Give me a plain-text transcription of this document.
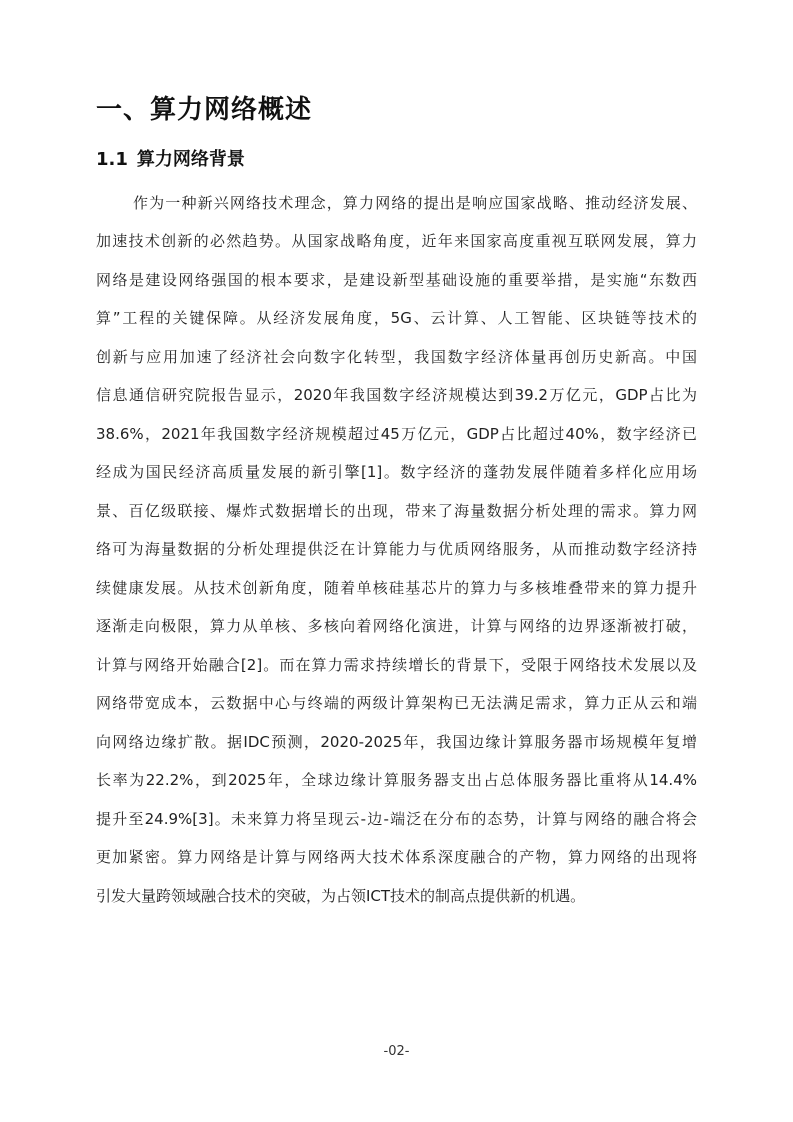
一、算力网络概述
1.1 算力网络背景
作为一种新兴网络技术理念，算力网络的提出是响应国家战略、推动经济发展、
加速技术创新的必然趋势。从国家战略角度，近年来国家高度重视互联网发展，算力
网络是建设网络强国的根本要求，是建设新型基础设施的重要举措，是实施“东数西
算”工程的关键保障。从经济发展角度，5G、云计算、人工智能、区块链等技术的
创新与应用加速了经济社会向数字化转型，我国数字经济体量再创历史新高。中国
信息通信研究院报告显示，2020年我国数字经济规模达到39.2万亿元，GDP占比为
38.6%，2021年我国数字经济规模超过45万亿元，GDP占比超过40%，数字经济已
经成为国民经济高质量发展的新引擎[1]。数字经济的蓬勃发展伴随着多样化应用场
景、百亿级联接、爆炸式数据增长的出现，带来了海量数据分析处理的需求。算力网
络可为海量数据的分析处理提供泛在计算能力与优质网络服务，从而推动数字经济持
续健康发展。从技术创新角度，随着单核硅基芯片的算力与多核堆叠带来的算力提升
逐渐走向极限，算力从单核、多核向着网络化演进，计算与网络的边界逐渐被打破，
计算与网络开始融合[2]。而在算力需求持续增长的背景下，受限于网络技术发展以及
网络带宽成本，云数据中心与终端的两级计算架构已无法满足需求，算力正从云和端
向网络边缘扩散。据IDC预测，2020-2025年，我国边缘计算服务器市场规模年复增
长率为22.2%，到2025年，全球边缘计算服务器支出占总体服务器比重将从14.4%
提升至24.9%[3]。未来算力将呈现云-边-端泛在分布的态势，计算与网络的融合将会
更加紧密。算力网络是计算与网络两大技术体系深度融合的产物，算力网络的出现将
引发大量跨领域融合技术的突破，为占领ICT技术的制高点提供新的机遇。
-02-
